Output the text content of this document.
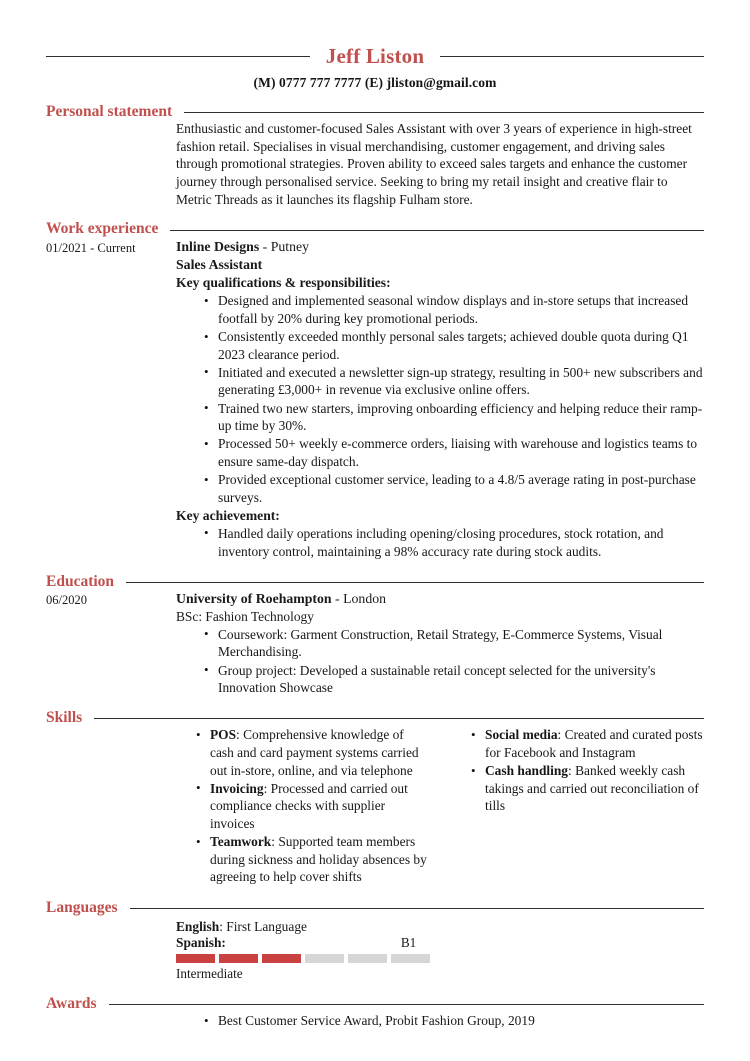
Jeff Liston
(M) 0777 777 7777 (E) jliston@gmail.com
Personal statement

Enthusiastic and customer-focused Sales Assistant with over 3 years of experience in high-street fashion retail. Specialises in visual merchandising, customer engagement, and driving sales through promotional strategies. Proven ability to exceed sales targets and enhance the customer journey through personalised service. Seeking to bring my retail insight and creative flair to Metric Threads as it launches its flagship Fulham store.

Work experience
01/2021 - Current	Inline Designs - Putney
Sales Assistant
Key qualifications & responsibilities:
• Designed and implemented seasonal window displays and in-store setups that increased footfall by 20% during key promotional periods.
• Consistently exceeded monthly personal sales targets; achieved double quota during Q1 2023 clearance period.
• Initiated and executed a newsletter sign-up strategy, resulting in 500+ new subscribers and generating £3,000+ in revenue via exclusive online offers.
• Trained two new starters, improving onboarding efficiency and helping reduce their ramp-up time by 30%.
• Processed 50+ weekly e-commerce orders, liaising with warehouse and logistics teams to ensure same-day dispatch.
• Provided exceptional customer service, leading to a 4.8/5 average rating in post-purchase surveys.
Key achievement:
• Handled daily operations including opening/closing procedures, stock rotation, and inventory control, maintaining a 98% accuracy rate during stock audits.
Education
06/2020	University of Roehampton - London
BSc: Fashion Technology
• Coursework: Garment Construction, Retail Strategy, E-Commerce Systems, Visual Merchandising.
• Group project: Developed a sustainable retail concept selected for the university's Innovation Showcase
Skills
• POS: Comprehensive knowledge of cash and card payment systems carried out in-store, online, and via telephone
• Invoicing: Processed and carried out compliance checks with supplier invoices
• Teamwork: Supported team members during sickness and holiday absences by agreeing to help cover shifts
• Social media: Created and curated posts for Facebook and Instagram
• Cash handling: Banked weekly cash takings and carried out reconciliation of tills
Languages
English: First Language
Spanish:	B1
Intermediate
Awards
• Best Customer Service Award, Probit Fashion Group, 2019
